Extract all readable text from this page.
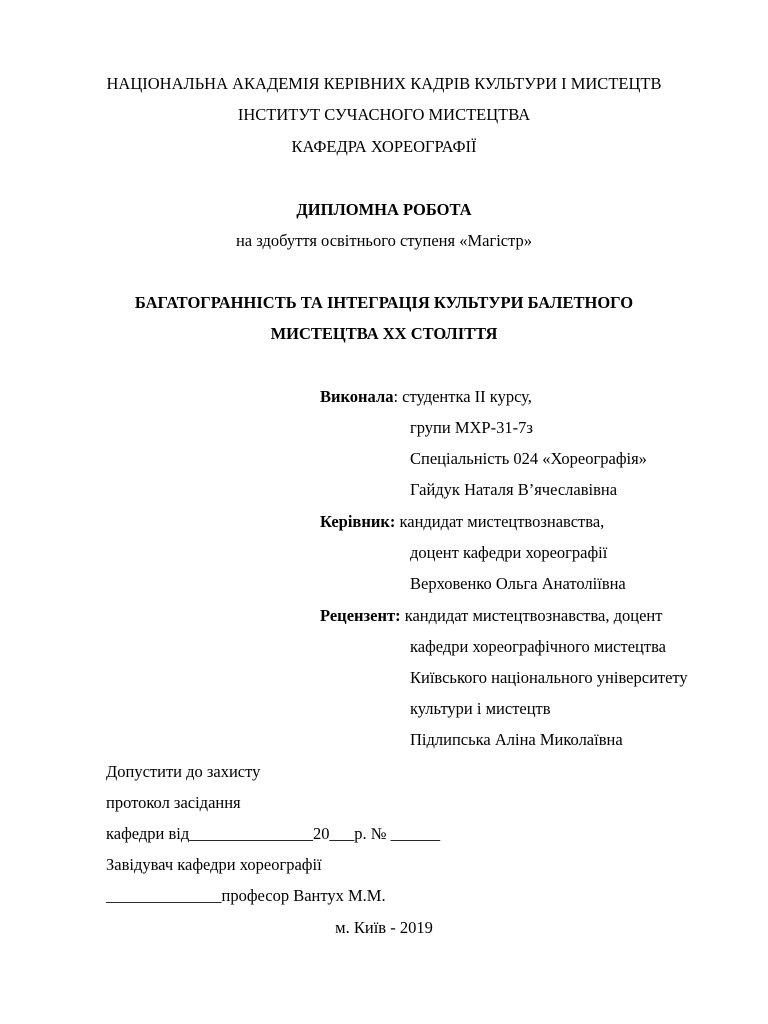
НАЦІОНАЛЬНА АКАДЕМІЯ КЕРІВНИХ КАДРІВ КУЛЬТУРИ І МИСТЕЦТВ
ІНСТИТУТ СУЧАСНОГО МИСТЕЦТВА
КАФЕДРА ХОРЕОГРАФІЇ
ДИПЛОМНА РОБОТА
на здобуття освітнього ступеня «Магістр»
БАГАТОГРАННІСТЬ ТА ІНТЕГРАЦІЯ КУЛЬТУРИ БАЛЕТНОГО
МИСТЕЦТВА ХХ СТОЛІТТЯ
Виконала: студентка ІІ курсу,
групи МХР-31-7з
Спеціальність 024 «Хореографія»
Гайдук Наталя В’ячеславівна
Керівник: кандидат мистецтвознавства,
доцент кафедри хореографії
Верховенко Ольга Анатоліївна
Рецензент: кандидат мистецтвознавства, доцент
кафедри хореографічного мистецтва
Київського національного університету
культури і мистецтв
Підлипська Аліна Миколаївна
Допустити до захисту
протокол засідання
кафедри від_______________20___р. № ______
Завідувач кафедри хореографії
______________професор Вантух М.М.
м. Київ - 2019
